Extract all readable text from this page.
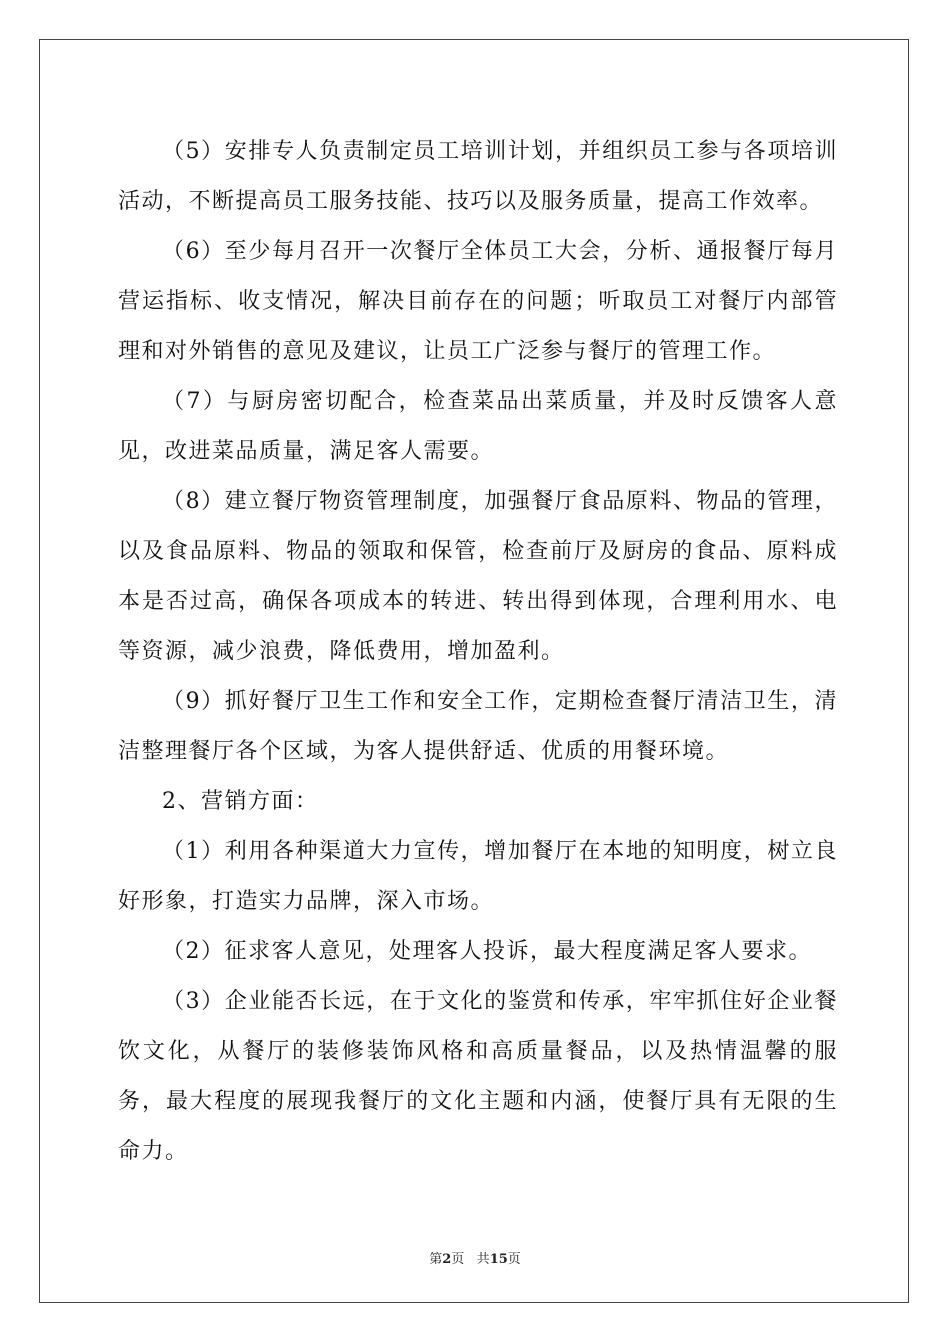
（5）安排专人负责制定员工培训计划，并组织员工参与各项培训活动，不断提高员工服务技能、技巧以及服务质量，提高工作效率。

（6）至少每月召开一次餐厅全体员工大会，分析、通报餐厅每月营运指标、收支情况，解决目前存在的问题；听取员工对餐厅内部管理和对外销售的意见及建议，让员工广泛参与餐厅的管理工作。

（7）与厨房密切配合，检查菜品出菜质量，并及时反馈客人意见，改进菜品质量，满足客人需要。

（8）建立餐厅物资管理制度，加强餐厅食品原料、物品的管理，以及食品原料、物品的领取和保管，检查前厅及厨房的食品、原料成本是否过高，确保各项成本的转进、转出得到体现，合理利用水、电等资源，减少浪费，降低费用，增加盈利。

（9）抓好餐厅卫生工作和安全工作，定期检查餐厅清洁卫生，清洁整理餐厅各个区域，为客人提供舒适、优质的用餐环境。

2、营销方面：

（1）利用各种渠道大力宣传，增加餐厅在本地的知明度，树立良好形象，打造实力品牌，深入市场。

（2）征求客人意见，处理客人投诉，最大程度满足客人要求。

（3）企业能否长远，在于文化的鉴赏和传承，牢牢抓住好企业餐饮文化，从餐厅的装修装饰风格和高质量餐品，以及热情温馨的服务，最大程度的展现我餐厅的文化主题和内涵，使餐厅具有无限的生命力。

第2页 共15页
